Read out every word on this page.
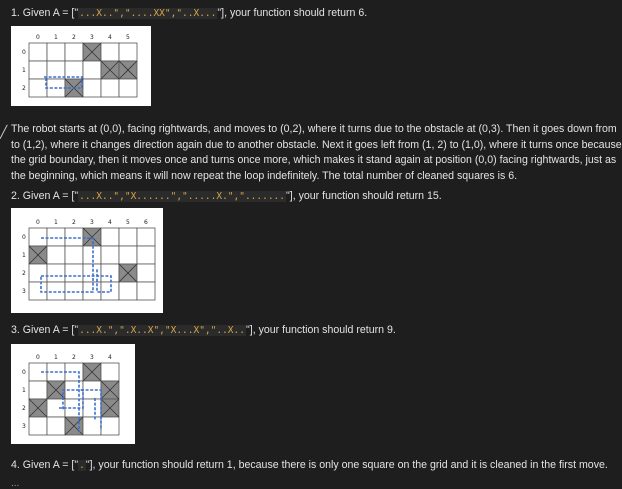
1. Given A = ["...X..","....XX","..X..."], your function should return 6.
0 1 2 3 4 5
0
1
2
╱ The robot starts at (0,0), facing rightwards, and moves to (0,2), where it turns due to the obstacle at (0,3). Then it goes down from
to (1,2), where it changes direction again due to another obstacle. Next it goes left from (1, 2) to (1,0), where it turns once because
the grid boundary, then it moves once and turns once more, which makes it stand again at position (0,0) facing rightwards, just as
the beginning, which means it will now repeat the loop indefinitely. The total number of cleaned squares is 6.
2. Given A = ["...X..","X......",".....X.","......."], your function should return 15.
0 1 2 3 4 5 6
0
1
2
3
3. Given A = ["...X.",".X..X","X...X","..X.."], your function should return 9.
0 1 2 3 4
0
1
2
3
4. Given A = ["."], your function should return 1, because there is only one square on the grid and it is cleaned in the first move.
...
